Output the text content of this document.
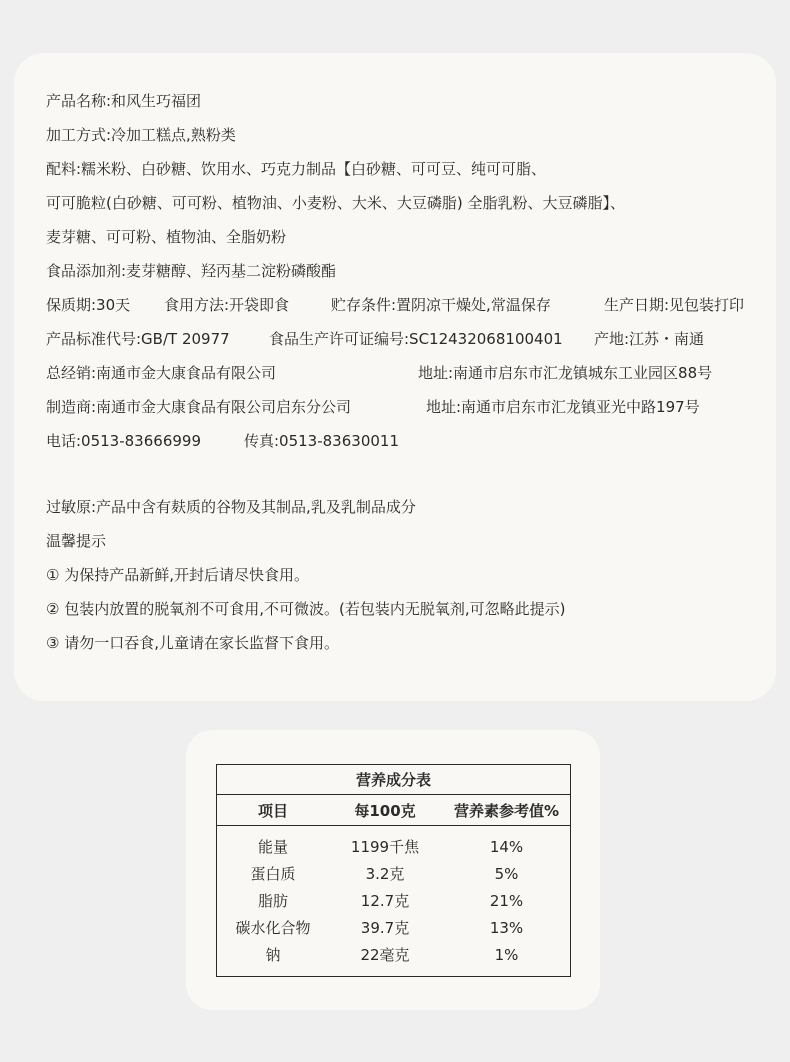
产品名称:和风生巧福团
加工方式:冷加工糕点,熟粉类
配料:糯米粉、白砂糖、饮用水、巧克力制品【白砂糖、可可豆、纯可可脂、
可可脆粒(白砂糖、可可粉、植物油、小麦粉、大米、大豆磷脂) 全脂乳粉、大豆磷脂】、
麦芽糖、可可粉、植物油、全脂奶粉
食品添加剂:麦芽糖醇、羟丙基二淀粉磷酸酯
保质期:30天 食用方法:开袋即食	贮存条件:置阴凉干燥处,常温保存	生产日期:见包装打印
产品标准代号:GB/T 20977	食品生产许可证编号:SC12432068100401 产地:江苏・南通
总经销:南通市金大康食品有限公司	地址:南通市启东市汇龙镇城东工业园区88号
制造商:南通市金大康食品有限公司启东分公司	地址:南通市启东市汇龙镇亚光中路197号
电话:0513-83666999	传真:0513-83630011
过敏原:产品中含有麸质的谷物及其制品,乳及乳制品成分
温馨提示
① 为保持产品新鲜,开封后请尽快食用。
② 包装内放置的脱氧剂不可食用,不可微波。(若包装内无脱氧剂,可忽略此提示)
③ 请勿一口吞食,儿童请在家长监督下食用。
营养成分表
项目	每100克	营养素参考值%
能量	1199千焦	14%
蛋白质	3.2克	5%
脂肪	12.7克	21%
碳水化合物	39.7克	13%
钠	22毫克	1%
